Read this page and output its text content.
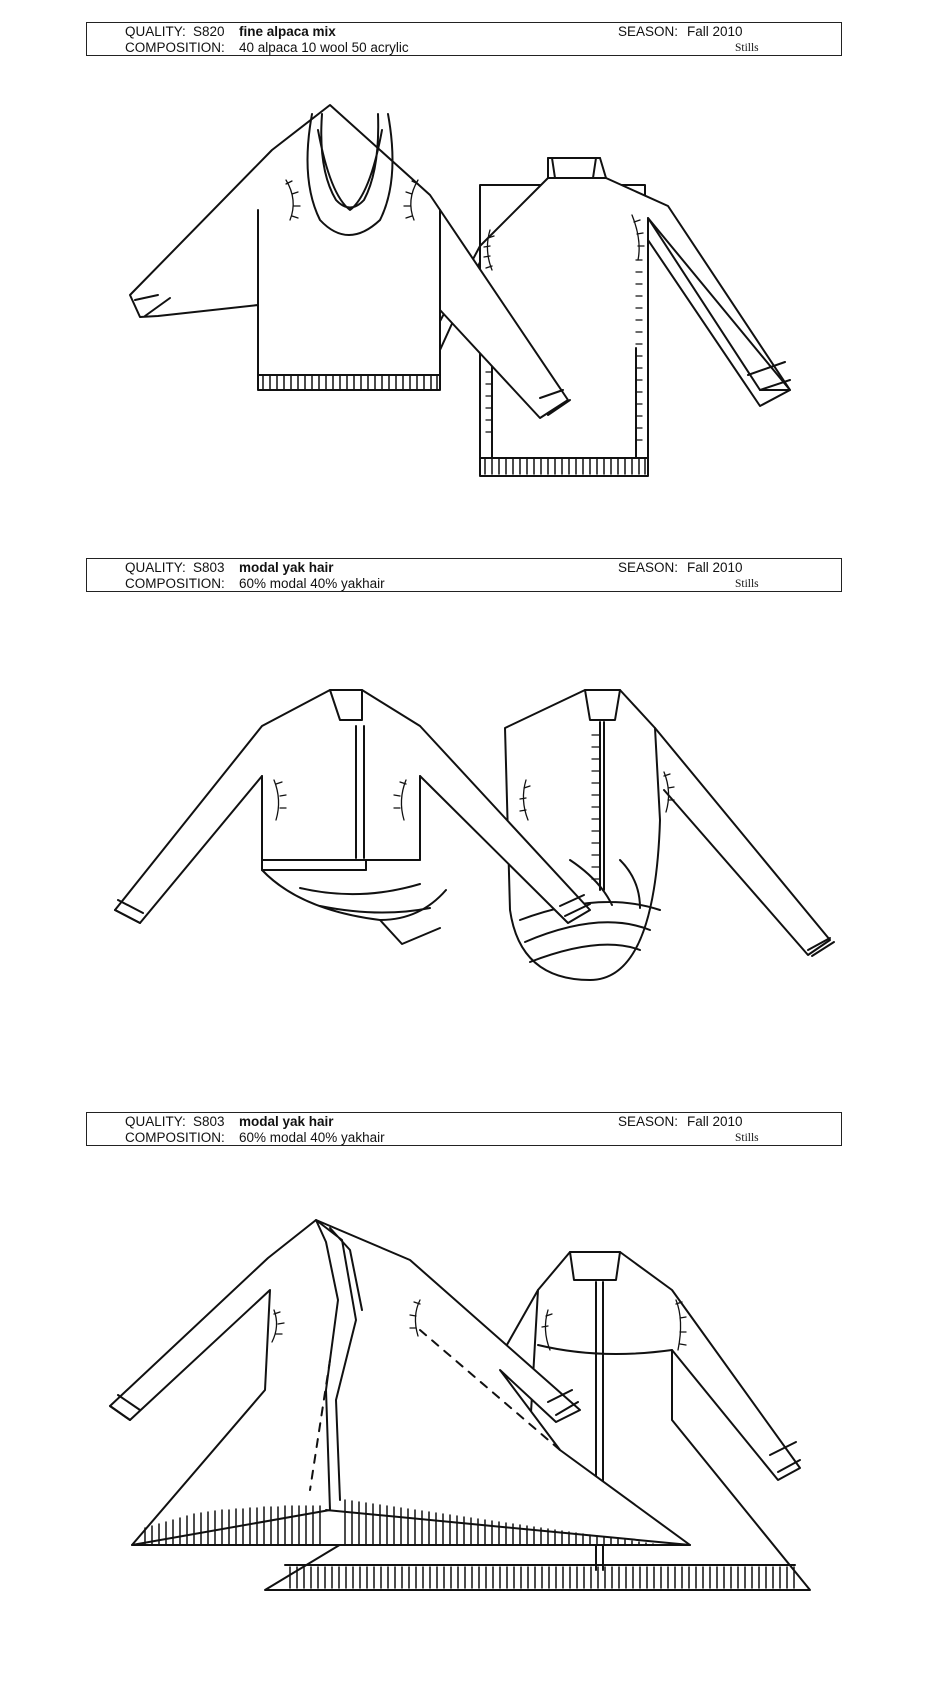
QUALITY: S820 fine alpaca mix
COMPOSITION: 40 alpaca 10 wool 50 acrylic
SEASON: Fall 2010
Stills
QUALITY: S803 modal yak hair
COMPOSITION: 60% modal 40% yakhair
SEASON: Fall 2010
Stills
QUALITY: S803 modal yak hair
COMPOSITION: 60% modal 40% yakhair
SEASON: Fall 2010
Stills
